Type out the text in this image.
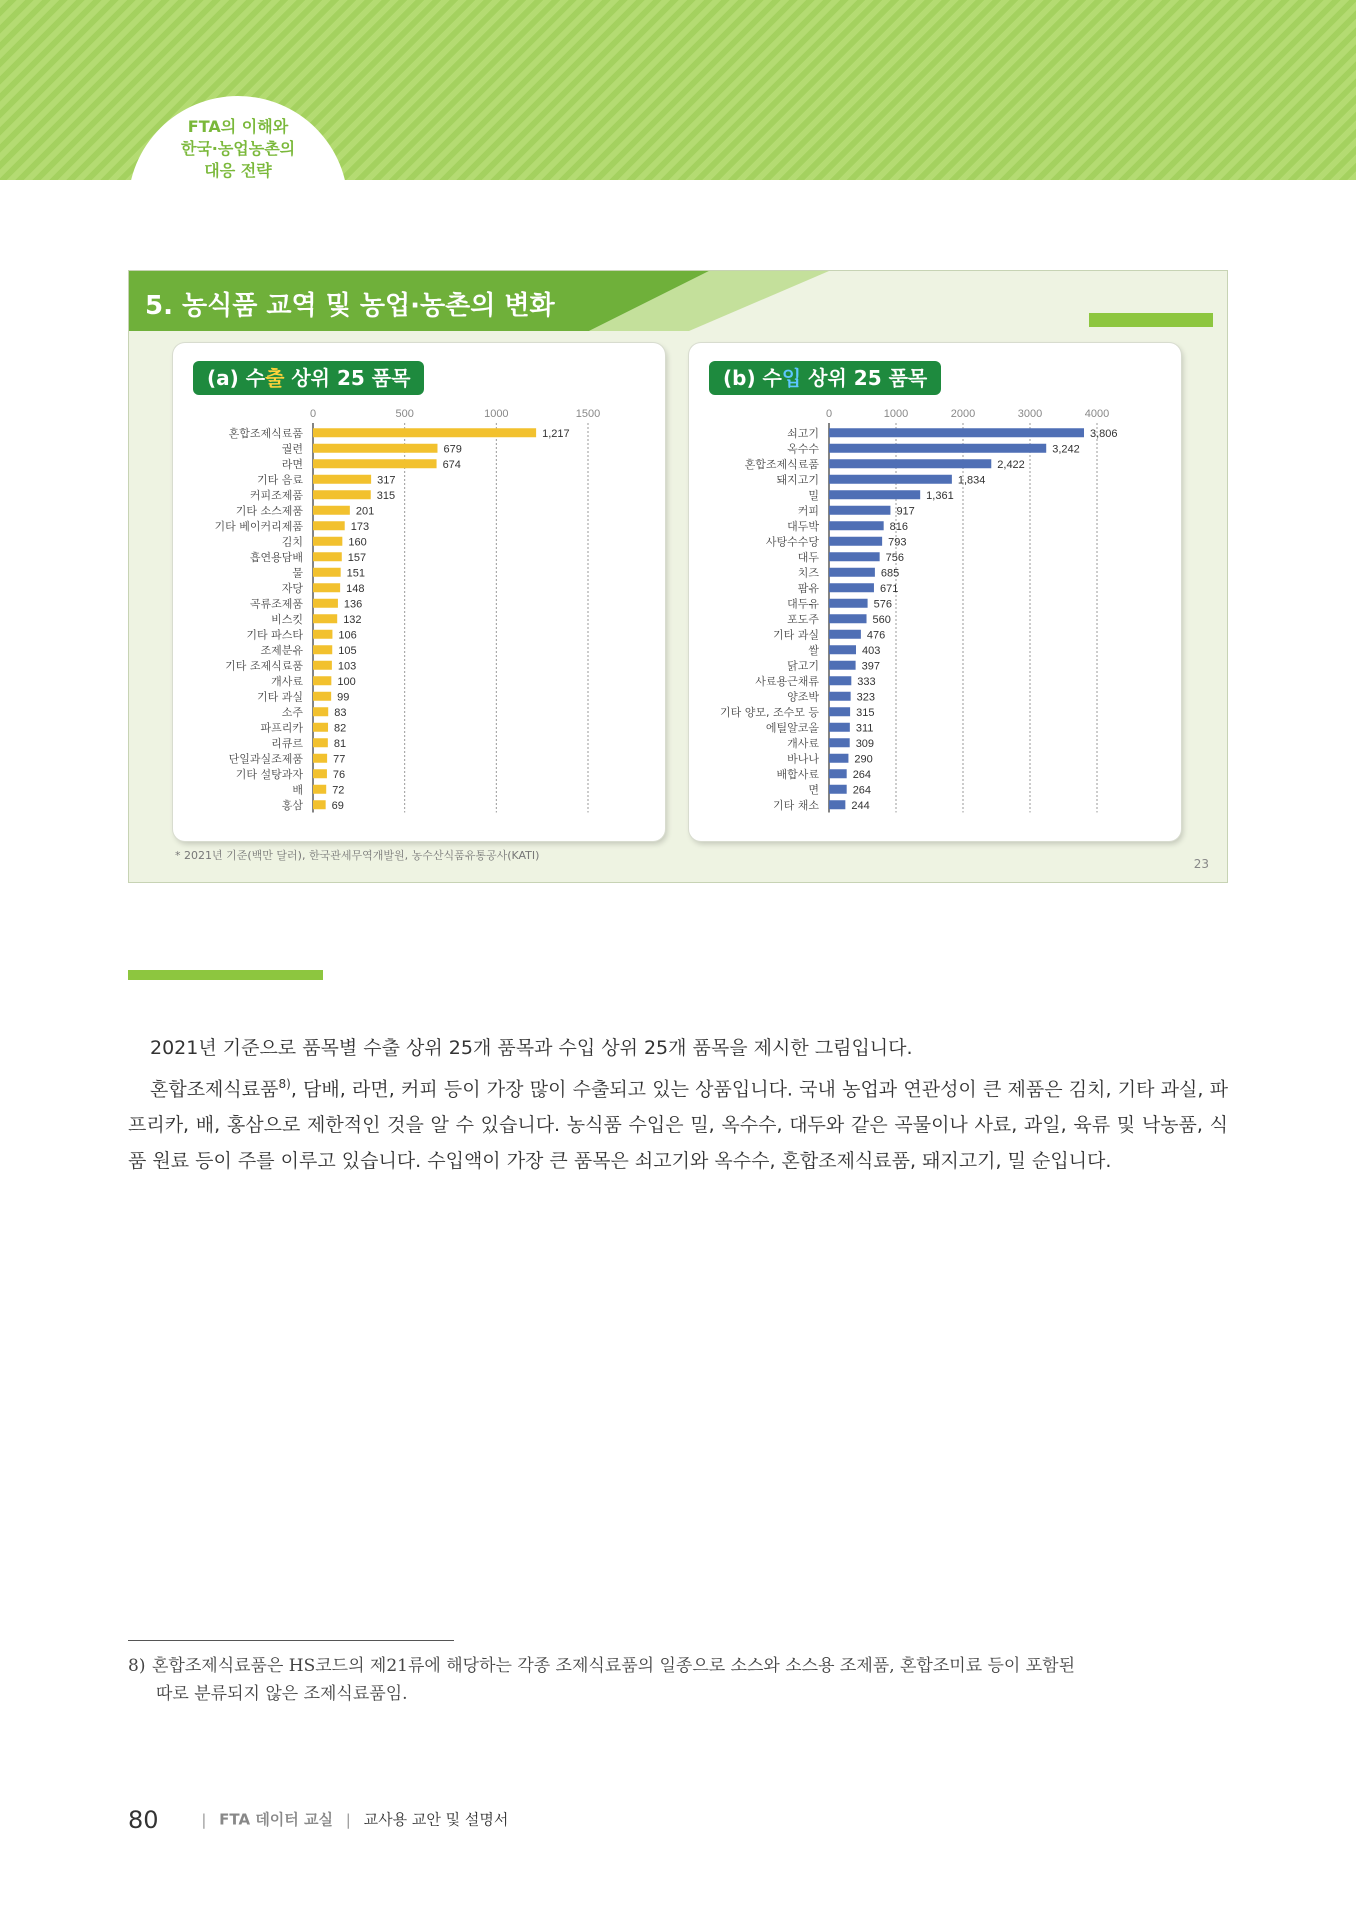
FTA의 이해와
한국·농업농촌의
대응 전략
5. 농식품 교역 및 농업·농촌의 변화
(a) 수출 상위 25 품목
0	500	1000	1500
혼합조제식료품	1,217
궐련	679
라면	674
기타 음료	317
커피조제품	315
기타 소스제품	201
기타 베이커리제품	173
김치	160
흡연용담배	157
물	151
자당	148
곡류조제품	136
비스킷	132
기타 파스타	106
조제분유	105
기타 조제식료품	103
개사료	100
기타 과실	99
소주	83
파프리카	82
리큐르	81
단일과실조제품	77
기타 설탕과자	76
배	72
홍삼	69
(b) 수입 상위 25 품목
0	1000	2000	3000	4000
쇠고기	3,806
옥수수	3,242
혼합조제식료품	2,422
돼지고기	1,834
밀	1,361
커피	917
대두박	816
사탕수수당	793
대두	756
치즈	685
팜유	671
대두유	576
포도주	560
기타 과실	476
쌀	403
닭고기	397
사료용근채류	333
양조박	323
기타 양모, 조수모 등	315
에틸알코올	311
개사료	309
바나나	290
배합사료	264
면	264
기타 채소	244
* 2021년 기준(백만 달러), 한국관세무역개발원, 농수산식품유통공사(KATI)
23

2021년 기준으로 품목별 수출 상위 25개 품목과 수입 상위 25개 품목을 제시한 그림입니다.

혼합조제식료품$^{8)}$, 담배, 라면, 커피 등이 가장 많이 수출되고 있는 상품입니다. 국내 농업과 연관성이 큰 제품은 김치, 기타 과실, 파프리카, 배, 홍삼으로 제한적인 것을 알 수 있습니다. 농식품 수입은 밀, 옥수수, 대두와 같은 곡물이나 사료, 과일, 육류 및 낙농품, 식품 원료 등이 주를 이루고 있습니다. 수입액이 가장 큰 품목은 쇠고기와 옥수수, 혼합조제식료품, 돼지고기, 밀 순입니다.

8) 혼합조제식료품은 HS코드의 제21류에 해당하는 각종 조제식료품의 일종으로 소스와 소스용 조제품, 혼합조미료 등이 포함된
따로 분류되지 않은 조제식료품임.
80	| FTA 데이터 교실 | 교사용 교안 및 설명서
